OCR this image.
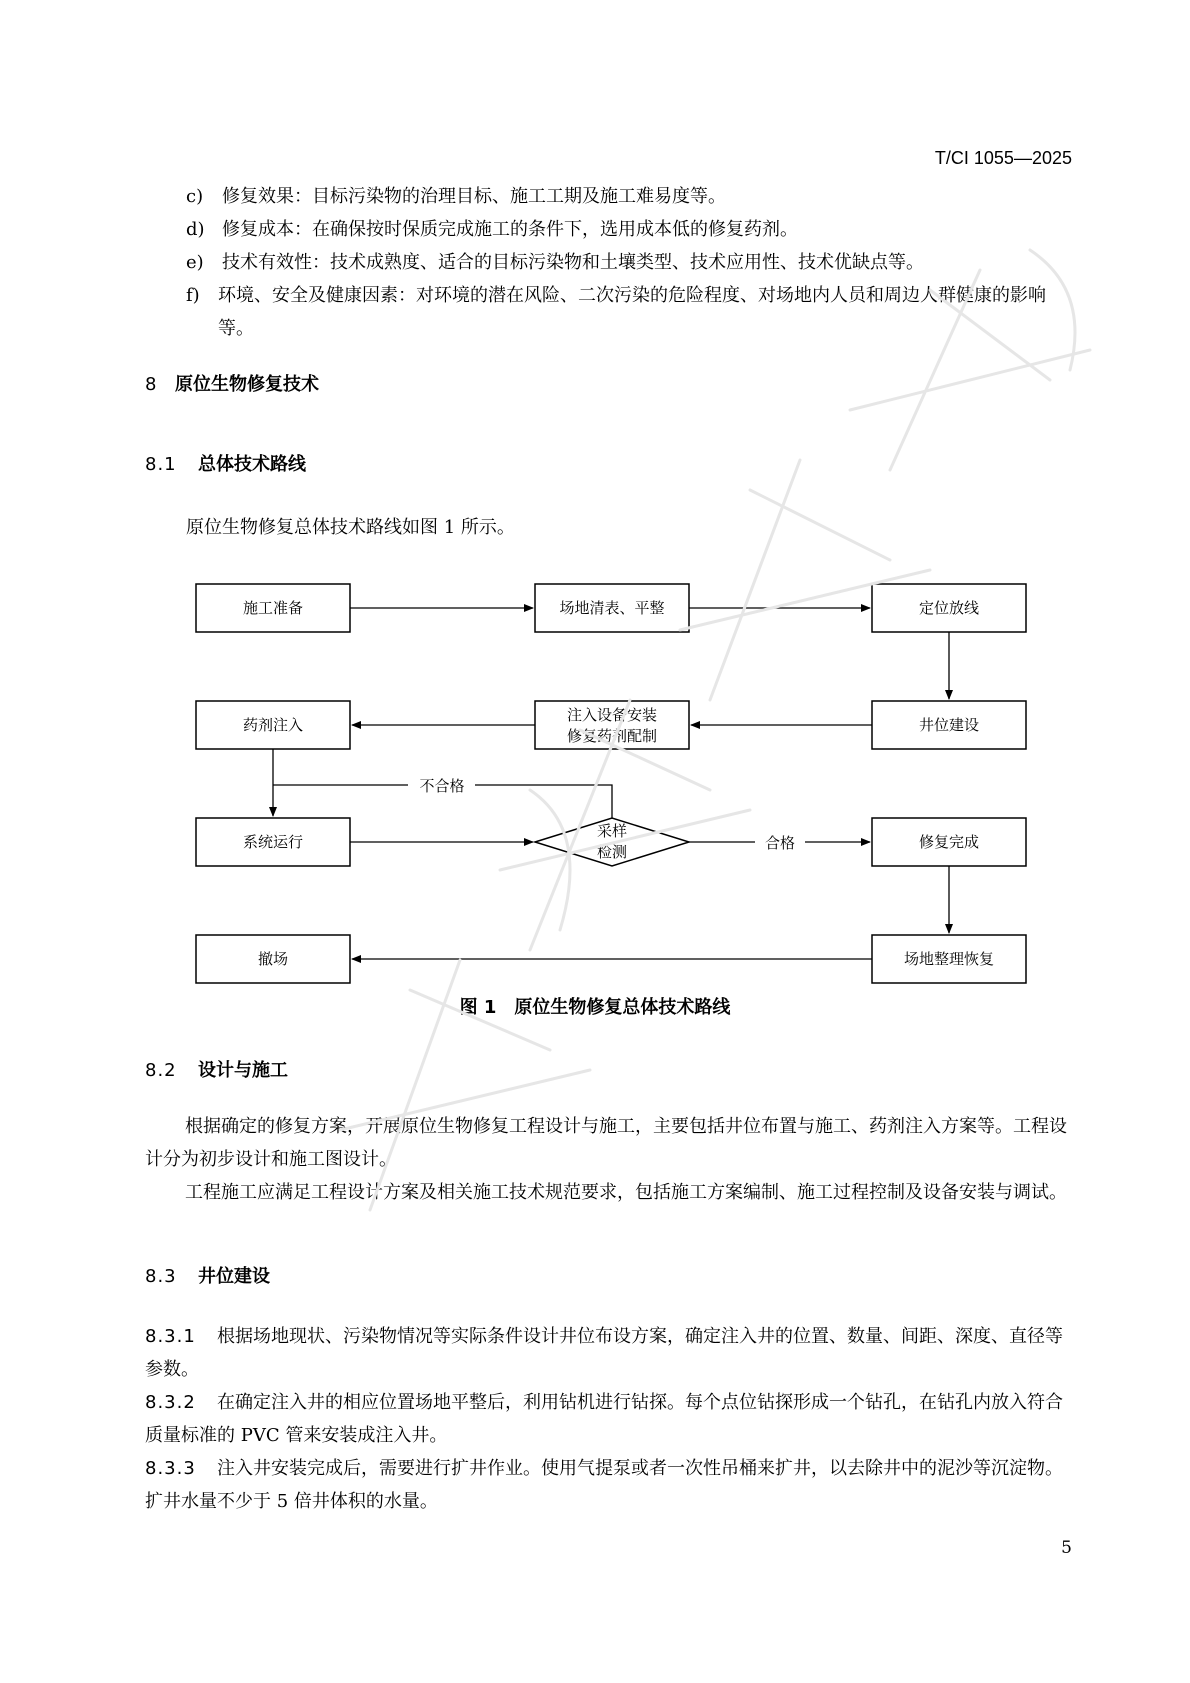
T/CI 1055—2025
c) 修复效果：目标污染物的治理目标、施工工期及施工难易度等。
d) 修复成本：在确保按时保质完成施工的条件下，选用成本低的修复药剂。
e) 技术有效性：技术成熟度、适合的目标污染物和土壤类型、技术应用性、技术优缺点等。
f) 环境、安全及健康因素：对环境的潜在风险、二次污染的危险程度、对场地内人员和周边人群健康的影响等。
8 原位生物修复技术
8.1 总体技术路线
原位生物修复总体技术路线如图 1 所示。
施工准备	场地清表、平整	定位放线
药剂注入
注入设备安装
修复药剂配制
井位建设
系统运行
采样
检测
修复完成
合格
不合格
撤场	场地整理恢复
图 1　原位生物修复总体技术路线
8.2 设计与施工
根据确定的修复方案，开展原位生物修复工程设计与施工，主要包括井位布置与施工、药剂注入方案等。工程设计分为初步设计和施工图设计。
工程施工应满足工程设计方案及相关施工技术规范要求，包括施工方案编制、施工过程控制及设备安装与调试。
8.3 井位建设
8.3.1 根据场地现状、污染物情况等实际条件设计井位布设方案，确定注入井的位置、数量、间距、深度、直径等参数。
8.3.2 在确定注入井的相应位置场地平整后，利用钻机进行钻探。每个点位钻探形成一个钻孔，在钻孔内放入符合质量标准的 PVC 管来安装成注入井。
8.3.3 注入井安装完成后，需要进行扩井作业。使用气提泵或者一次性吊桶来扩井，以去除井中的泥沙等沉淀物。扩井水量不少于 5 倍井体积的水量。
5
